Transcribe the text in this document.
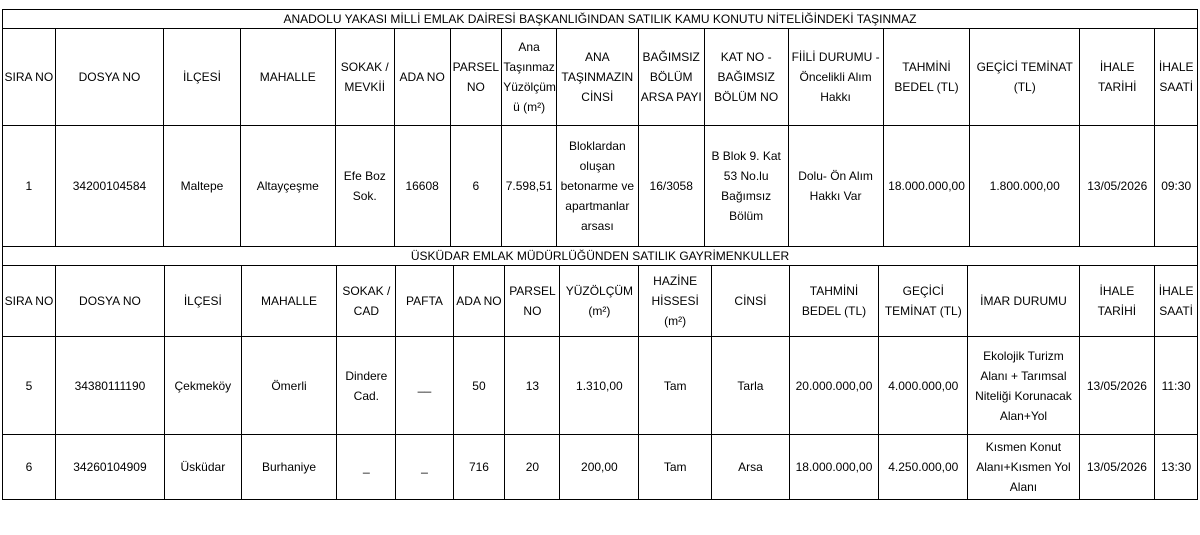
ANADOLU YAKASI MİLLİ EMLAK DAİRESİ BAŞKANLIĞINDAN SATILIK KAMU KONUTU NİTELİĞİNDEKİ TAŞINMAZ															
SIRA NO	DOSYA NO	İLÇESİ	MAHALLE	SOKAK / MEVKİİ	ADA NO	PARSEL NO	Ana Taşınmaz Yüzölçüm ü (m²)	ANA TAŞINMAZIN CİNSİ	BAĞIMSIZ BÖLÜM ARSA PAYI	KAT NO - BAĞIMSIZ BÖLÜM NO	FİİLİ DURUMU - Öncelikli Alım Hakkı	TAHMİNİ BEDEL (TL)	GEÇİCİ TEMİNAT (TL)	İHALE TARİHİ	İHALE SAATİ
1	34200104584	Maltepe	Altayçeşme	Efe Boz Sok.	16608	6	7.598,51	Bloklardan oluşan betonarme ve apartmanlar arsası	16/3058	B Blok 9. Kat 53 No.lu Bağımsız Bölüm	Dolu- Ön Alım Hakkı Var	18.000.000,00	1.800.000,00	13/05/2026	09:30
ÜSKÜDAR EMLAK MÜDÜRLÜĞÜNDEN SATILIK GAYRİMENKULLER															
SIRA NO	DOSYA NO	İLÇESİ	MAHALLE	SOKAK / CAD	PAFTA	ADA NO	PARSEL NO	YÜZÖLÇÜM (m²)	HAZİNE HİSSESİ (m²)	CİNSİ	TAHMİNİ BEDEL (TL)	GEÇİCİ TEMİNAT (TL)	İMAR DURUMU	İHALE TARİHİ	İHALE SAATİ
5	34380111190	Çekmeköy	Ömerli	Dindere Cad.	__	50	13	1.310,00	Tam	Tarla	20.000.000,00	4.000.000,00	Ekolojik Turizm Alanı + Tarımsal Niteliği Korunacak Alan+Yol	13/05/2026	11:30
6	34260104909	Üsküdar	Burhaniye	_	_	716	20	200,00	Tam	Arsa	18.000.000,00	4.250.000,00	Kısmen Konut Alanı+Kısmen Yol Alanı	13/05/2026	13:30
